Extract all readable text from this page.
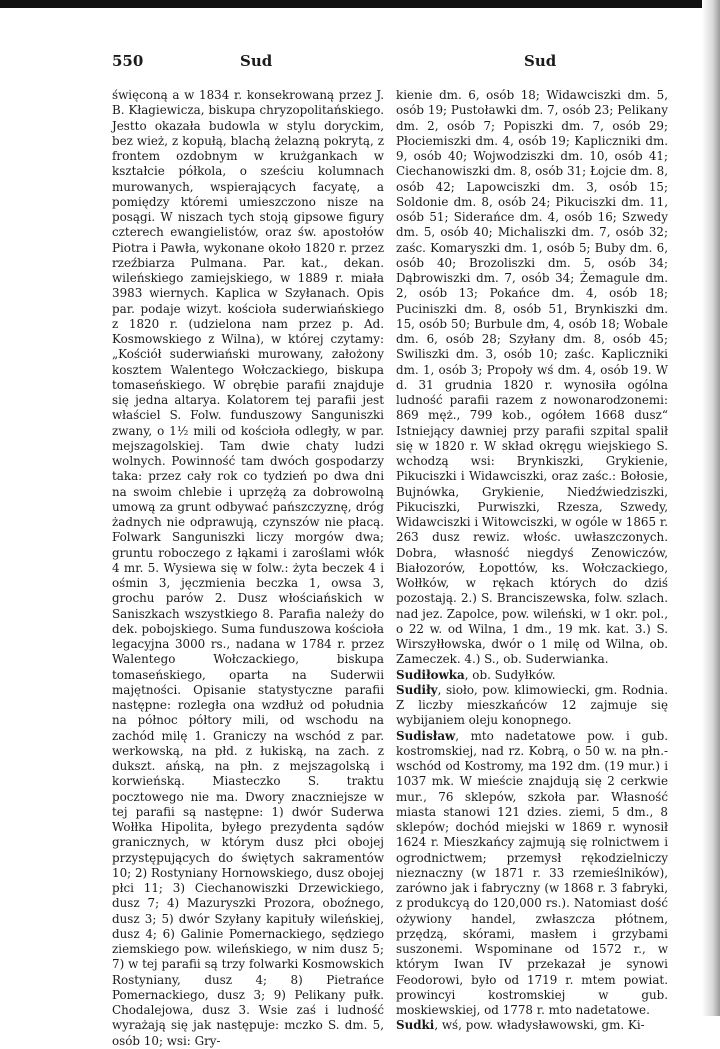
550	Sud	Sud

święconą a w 1834 r. konsekrowaną przez J. B. Kłagiewicza, biskupa chryzopolitańskiego. Jestto okazała budowla w stylu doryckim, bez wież, z kopułą, blachą żelazną pokrytą, z frontem ozdobnym w krużgankach w kształcie półkola, o sześciu kolumnach murowanych, wspierających facyatę, a pomiędzy któremi umieszczono nisze na posągi. W niszach tych stoją gipsowe figury czterech ewangielistów, oraz św. apostołów Piotra i Pawła, wykonane około 1820 r. przez rzeźbiarza Pulmana. Par. kat., dekan. wileńskiego zamiejskiego, w 1889 r. miała 3983 wiernych. Kaplica w Szyłanach. Opis par. podaje wizyt. kościoła suderwiańskiego z 1820 r. (udzielona nam przez p. Ad. Kosmowskiego z Wilna), w której czytamy: „Kościół suderwiański murowany, założony kosztem Walentego Wołczackiego, biskupa tomaseńskiego. W obrębie parafii znajduje się jedna altarya. Kolatorem tej parafii jest właściel S. Folw. funduszowy Sanguniszki zwany, o 1½ mili od kościoła odległy, w par. mejszagolskiej. Tam dwie chaty ludzi wolnych. Powinność tam dwóch gospodarzy taka: przez cały rok co tydzień po dwa dni na swoim chlebie i uprzężą za dobrowolną umową za grunt odbywać pańszczyznę, dróg żadnych nie odprawują, czynszów nie płacą. Folwark Sanguniszki liczy morgów dwa; gruntu roboczego z łąkami i zaroślami włók 4 mr. 5. Wysiewa się w folw.: żyta beczek 4 i ośmin 3, jęczmienia beczka 1, owsa 3, grochu parów 2. Dusz włościańskich w Saniszkach wszystkiego 8. Parafia należy do dek. pobojskiego. Suma funduszowa kościoła legacyjna 3000 rs., nadana w 1784 r. przez Walentego Wołczackiego, biskupa tomaseńskiego, oparta na Suderwii majętności. Opisanie statystyczne parafii następne: rozległa ona wzdłuż od południa na północ półtory mili, od wschodu na zachód milę 1. Graniczy na wschód z par. werkowską, na płd. z łukiską, na zach. z dukszt. ańską, na płn. z mejszagolską i korwieńską. Miasteczko S. traktu pocztowego nie ma. Dwory znaczniejsze w tej parafii są następne: 1) dwór Suderwa Wołłka Hipolita, byłego prezydenta sądów granicznych, w którym dusz płci obojej przystępujących do świętych sakramentów 10; 2) Rostyniany Hornowskiego, dusz obojej płci 11; 3) Ciechanowiszki Drzewickiego, dusz 7; 4) Mazuryszki Prozora, oboźnego, dusz 3; 5) dwór Szyłany kapituły wileńskiej, dusz 4; 6) Galinie Pomernackiego, sędziego ziemskiego pow. wileńskiego, w nim dusz 5; 7) w tej parafii są trzy folwarki Kosmowskich Rostyniany, dusz 4; 8) Pietrańce Pomernackiego, dusz 3; 9) Pelikany pułk. Chodalejowa, dusz 3. Wsie zaś i ludność wyrażają się jak następuje: mczko S. dm. 5, osób 10; wsi: Gry-

kienie dm. 6, osób 18; Widawciszki dm. 5, osób 19; Pustoławki dm. 7, osób 23; Pelikany dm. 2, osób 7; Popiszki dm. 7, osób 29; Płociemiszki dm. 4, osób 19; Kapliczniki dm. 9, osób 40; Wojwodziszki dm. 10, osób 41; Ciechanowiszki dm. 8, osób 31; Łojcie dm. 8, osób 42; Lapowciszki dm. 3, osób 15; Soldonie dm. 8, osób 24; Pikuciszki dm. 11, osób 51; Siderańce dm. 4, osób 16; Szwedy dm. 5, osób 40; Michaliszki dm. 7, osób 32; zaśc. Komaryszki dm. 1, osób 5; Buby dm. 6, osób 40; Brozoliszki dm. 5, osób 34; Dąbrowiszki dm. 7, osób 34; Żemagule dm. 2, osób 13; Pokańce dm. 4, osób 18; Puciniszki dm. 8, osób 51, Brynkiszki dm. 15, osób 50; Burbule dm, 4, osób 18; Wobale dm. 6, osób 28; Szyłany dm. 8, osób 45; Swiliszki dm. 3, osób 10; zaśc. Kapliczniki dm. 1, osób 3; Propoły wś dm. 4, osób 19. W d. 31 grudnia 1820 r. wynosiła ogólna ludność parafii razem z nowonarodzonemi: 869 męż., 799 kob., ogółem 1668 dusz“ Istniejący dawniej przy parafii szpital spalił się w 1820 r. W skład okręgu wiejskiego S. wchodzą wsi: Brynkiszki, Grykienie, Pikuciszki i Widawciszki, oraz zaśc.: Bołosie, Bujnówka, Grykienie, Niedźwiedziszki, Pikuciszki, Purwiszki, Rzesza, Szwedy, Widawciszki i Witowciszki, w ogóle w 1865 r. 263 dusz rewiz. włośc. uwłaszczonych. Dobra, własność niegdyś Zenowiczów, Białozorów, Łopottów, ks. Wołczackiego, Wołłków, w rękach których do dziś pozostają. 2.) S. Branciszewska, folw. szlach. nad jez. Zapolce, pow. wileński, w 1 okr. pol., o 22 w. od Wilna, 1 dm., 19 mk. kat. 3.) S. Wirszyłłowska, dwór o 1 milę od Wilna, ob. Zameczek. 4.) S., ob. Suderwianka.

Sudiłowka, ob. Sudyłków.

Sudiły, sioło, pow. klimowiecki, gm. Rodnia. Z liczby mieszkańców 12 zajmuje się wybijaniem oleju konopnego.

Sudisław, mto nadetatowe pow. i gub. kostromskiej, nad rz. Kobrą, o 50 w. na płn.-wschód od Kostromy, ma 192 dm. (19 mur.) i 1037 mk. W mieście znajdują się 2 cerkwie mur., 76 sklepów, szkoła par. Własność miasta stanowi 121 dzies. ziemi, 5 dm., 8 sklepów; dochód miejski w 1869 r. wynosił 1624 r. Mieszkańcy zajmują się rolnictwem i ogrodnictwem; przemysł rękodzielniczy nieznaczny (w 1871 r. 33 rzemieślników), zarówno jak i fabryczny (w 1868 r. 3 fabryki, z produkcyą do 120,000 rs.). Natomiast dość ożywiony handel, zwłaszcza płótnem, przędzą, skórami, masłem i grzybami suszonemi. Wspominane od 1572 r., w którym Iwan IV przekazał je synowi Feodorowi, było od 1719 r. mtem powiat. prowincyi kostromskiej w gub. moskiewskiej, od 1778 r. mto nadetatowe.

Sudki, wś, pow. władysławowski, gm. Ki-
